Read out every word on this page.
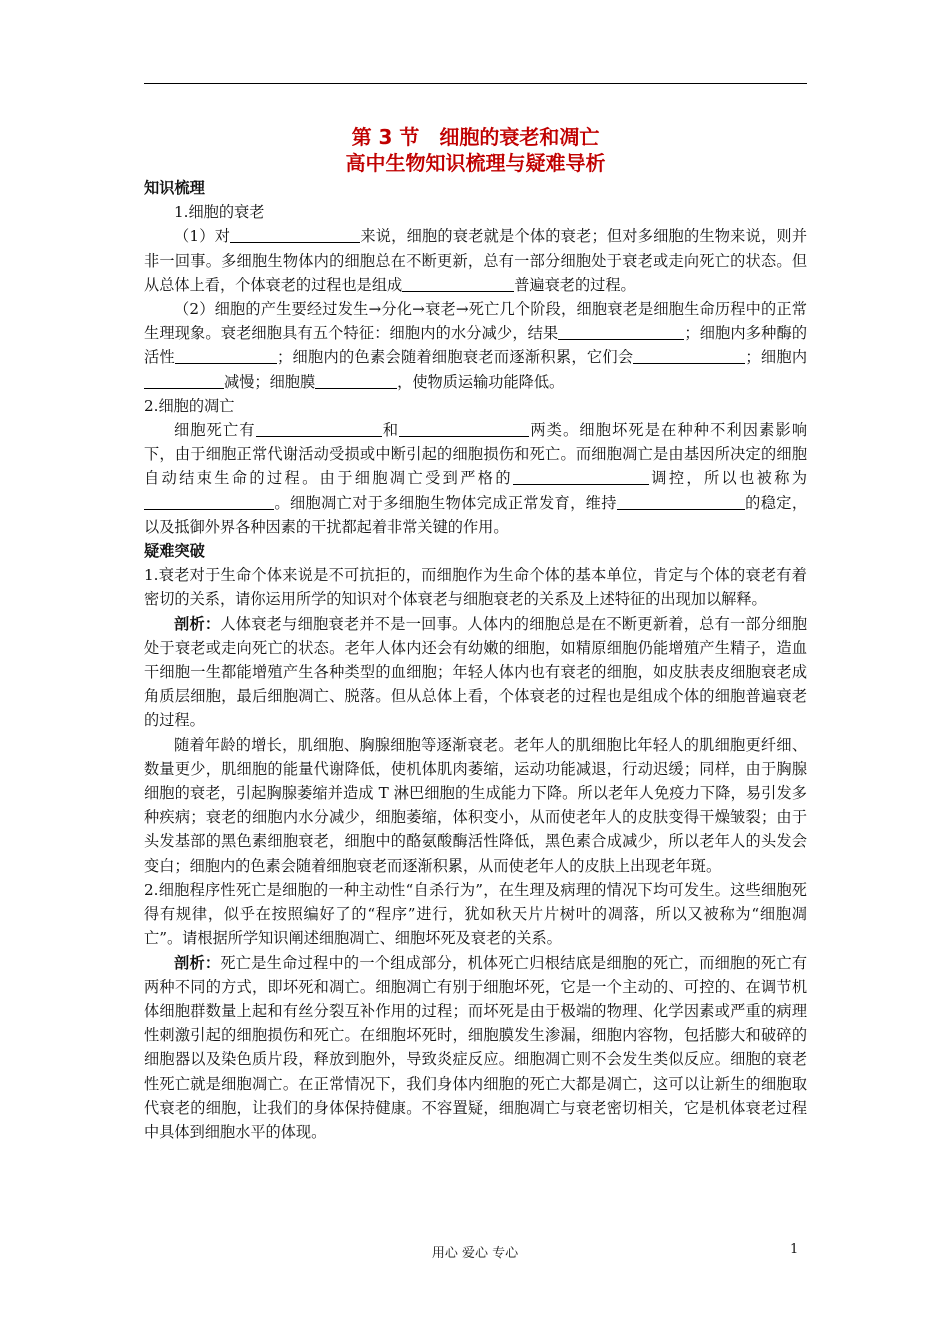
第 3 节　细胞的衰老和凋亡
高中生物知识梳理与疑难导析

知识梳理

1.细胞的衰老

（1）对	来说，细胞的衰老就是个体的衰老；但对多细胞的生物来说，则并非一回事。多细胞生物体内的细胞总在不断更新，总有一部分细胞处于衰老或走向死亡的状态。但从总体上看，个体衰老的过程也是组成	普遍衰老的过程。

（2）细胞的产生要经过发生→分化→衰老→死亡几个阶段，细胞衰老是细胞生命历程中的正常生理现象。衰老细胞具有五个特征：细胞内的水分减少，结果	；细胞内多种酶的活性	；细胞内的色素会随着细胞衰老而逐渐积累，它们会	；细胞内减慢；细胞膜	，使物质运输功能降低。

2.细胞的凋亡

细胞死亡有	和	两类。细胞坏死是在种种不利因素影响下，由于细胞正常代谢活动受损或中断引起的细胞损伤和死亡。而细胞凋亡是由基因所决定的细胞自动结束生命的过程。由于细胞凋亡受到严格的	调控，所以也被称为。细胞凋亡对于多细胞生物体完成正常发育，维持	的稳定，以及抵御外界各种因素的干扰都起着非常关键的作用。

疑难突破

1.衰老对于生命个体来说是不可抗拒的，而细胞作为生命个体的基本单位，肯定与个体的衰老有着密切的关系，请你运用所学的知识对个体衰老与细胞衰老的关系及上述特征的出现加以解释。

剖析：人体衰老与细胞衰老并不是一回事。人体内的细胞总是在不断更新着，总有一部分细胞处于衰老或走向死亡的状态。老年人体内还会有幼嫩的细胞，如精原细胞仍能增殖产生精子，造血干细胞一生都能增殖产生各种类型的血细胞；年轻人体内也有衰老的细胞，如皮肤表皮细胞衰老成角质层细胞，最后细胞凋亡、脱落。但从总体上看，个体衰老的过程也是组成个体的细胞普遍衰老的过程。

随着年龄的增长，肌细胞、胸腺细胞等逐渐衰老。老年人的肌细胞比年轻人的肌细胞更纤细、数量更少，肌细胞的能量代谢降低，使机体肌肉萎缩，运动功能减退，行动迟缓；同样，由于胸腺细胞的衰老，引起胸腺萎缩并造成 T 淋巴细胞的生成能力下降。所以老年人免疫力下降，易引发多种疾病；衰老的细胞内水分减少，细胞萎缩，体积变小，从而使老年人的皮肤变得干燥皱裂；由于头发基部的黑色素细胞衰老，细胞中的酪氨酸酶活性降低，黑色素合成减少，所以老年人的头发会变白；细胞内的色素会随着细胞衰老而逐渐积累，从而使老年人的皮肤上出现老年斑。

2.细胞程序性死亡是细胞的一种主动性“自杀行为”，在生理及病理的情况下均可发生。这些细胞死得有规律，似乎在按照编好了的“程序”进行，犹如秋天片片树叶的凋落，所以又被称为“细胞凋亡”。请根据所学知识阐述细胞凋亡、细胞坏死及衰老的关系。

剖析：死亡是生命过程中的一个组成部分，机体死亡归根结底是细胞的死亡，而细胞的死亡有两种不同的方式，即坏死和凋亡。细胞凋亡有别于细胞坏死，它是一个主动的、可控的、在调节机体细胞群数量上起和有丝分裂互补作用的过程；而坏死是由于极端的物理、化学因素或严重的病理性刺激引起的细胞损伤和死亡。在细胞坏死时，细胞膜发生渗漏，细胞内容物，包括膨大和破碎的细胞器以及染色质片段，释放到胞外，导致炎症反应。细胞凋亡则不会发生类似反应。细胞的衰老性死亡就是细胞凋亡。在正常情况下，我们身体内细胞的死亡大都是凋亡，这可以让新生的细胞取代衰老的细胞，让我们的身体保持健康。不容置疑，细胞凋亡与衰老密切相关，它是机体衰老过程中具体到细胞水平的体现。

用心 爱心 专心	1
